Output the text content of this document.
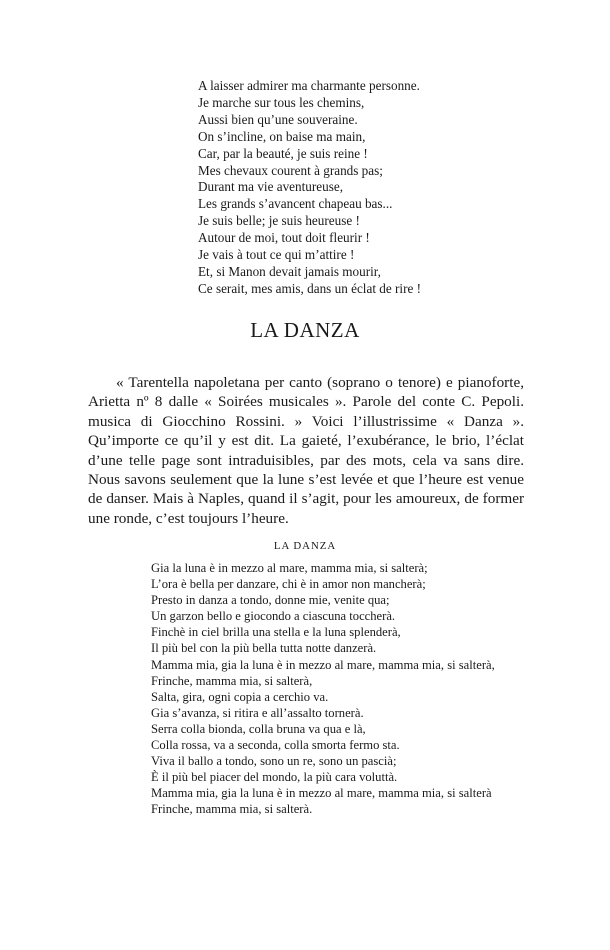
A laisser admirer ma charmante personne.
Je marche sur tous les chemins,
Aussi bien qu’une souveraine.
On s’incline, on baise ma main,
Car, par la beauté, je suis reine !
Mes chevaux courent à grands pas;
Durant ma vie aventureuse,
Les grands s’avancent chapeau bas...
Je suis belle; je suis heureuse !
Autour de moi, tout doit fleurir !
Je vais à tout ce qui m’attire !
Et, si Manon devait jamais mourir,
Ce serait, mes amis, dans un éclat de rire !
LA DANZA

« Tarentella napoletana per canto (soprano o tenore) e pianoforte, Arietta nº 8 dalle « Soirées musicales ». Parole del conte C. Pepoli. musica di Giocchino Rossini. » Voici l’illustrissime « Danza ». Qu’importe ce qu’il y est dit. La gaieté, l’exubérance, le brio, l’éclat d’une telle page sont intraduisibles, par des mots, cela va sans dire. Nous savons seulement que la lune s’est levée et que l’heure est venue de danser. Mais à Naples, quand il s’agit, pour les amoureux, de former une ronde, c’est toujours l’heure.

LA DANZA
Gia la luna è in mezzo al mare, mamma mia, si salterà;
L’ora è bella per danzare, chi è in amor non mancherà;
Presto in danza a tondo, donne mie, venite qua;
Un garzon bello e giocondo a ciascuna toccherà.
Finchè in ciel brilla una stella e la luna splenderà,
Il più bel con la più bella tutta notte danzerà.
Mamma mia, gia la luna è in mezzo al mare, mamma mia, si salterà,
Frinche, mamma mia, si salterà,
Salta, gira, ogni copia a cerchio va.
Gia s’avanza, si ritira e all’assalto tornerà.
Serra colla bionda, colla bruna va qua e là,
Colla rossa, va a seconda, colla smorta fermo sta.
Viva il ballo a tondo, sono un re, sono un pascià;
È il più bel piacer del mondo, la più cara voluttà.
Mamma mia, gia la luna è in mezzo al mare, mamma mia, si salterà
Frinche, mamma mia, si salterà.
